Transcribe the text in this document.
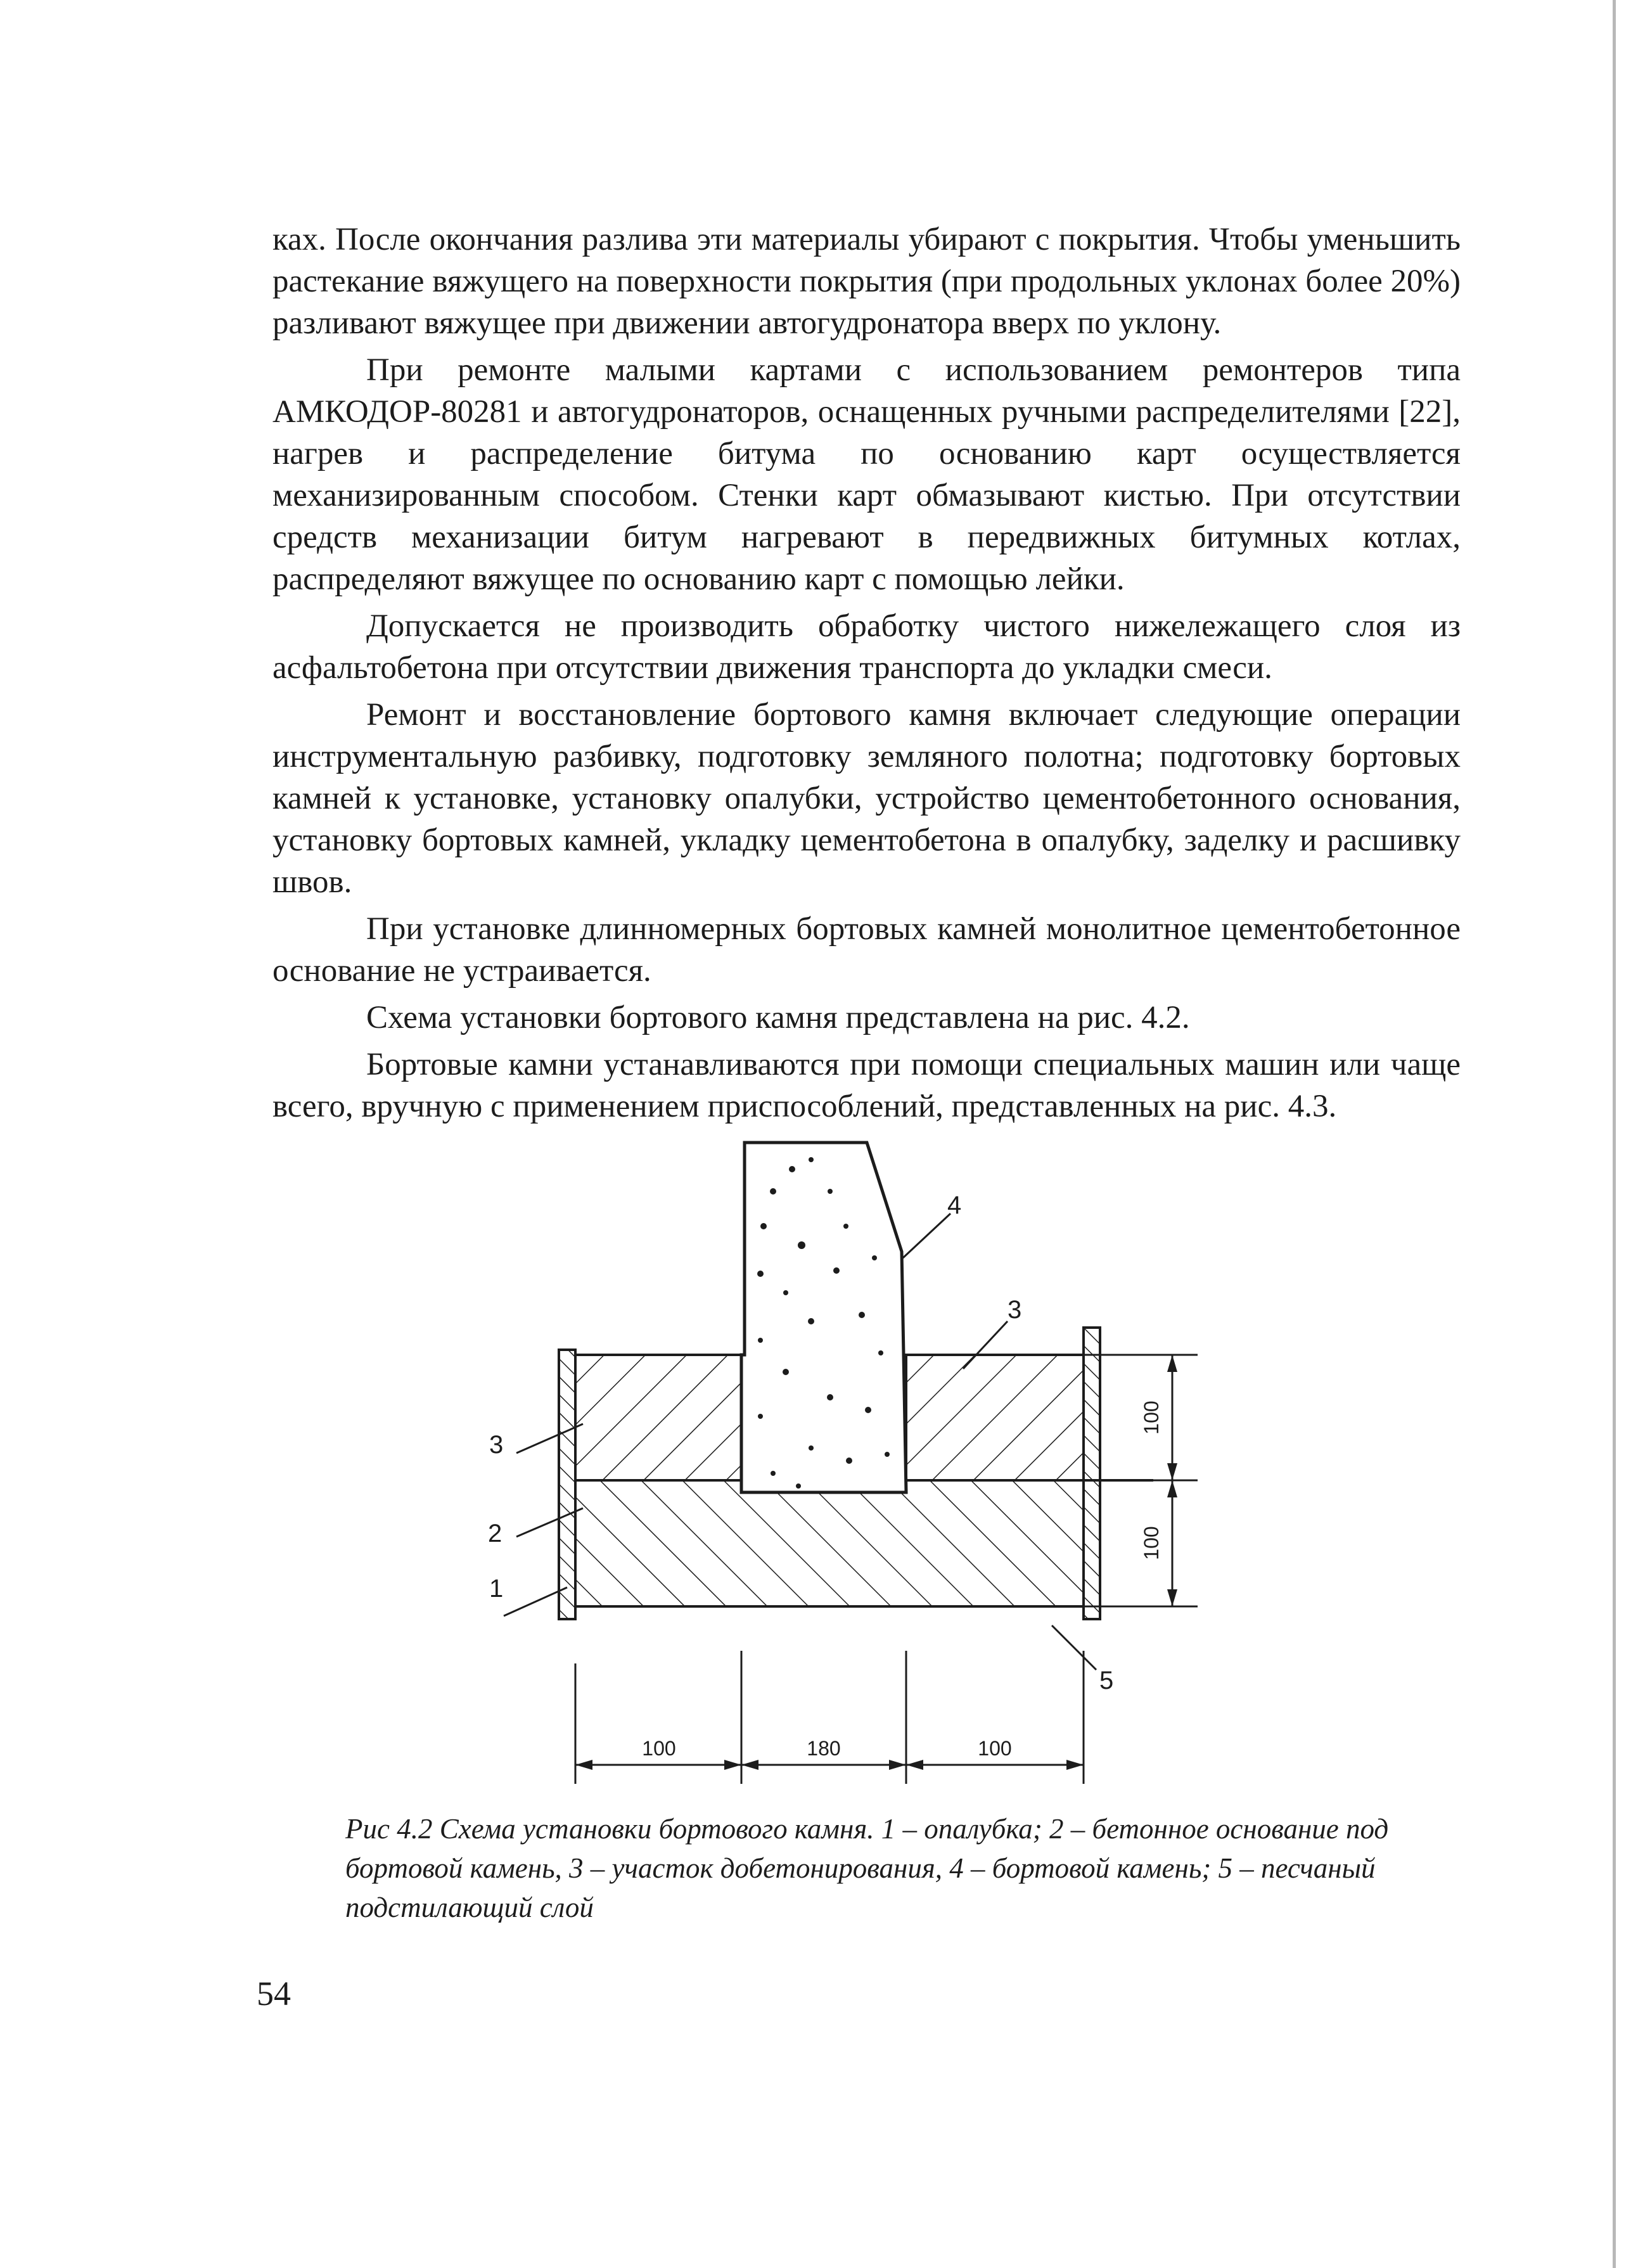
ках. После окончания разлива эти материалы убирают с покрытия. Чтобы уменьшить растекание вяжущего на поверхности покрытия (при продольных уклонах более 20%) разливают вяжущее при движении автогудронатора вверх по уклону.

При ремонте малыми картами с использованием ремонтеров типа АМКОДОР-80281 и автогудронаторов, оснащенных ручными распределителями [22], нагрев и распределение битума по основанию карт осуществляется механизированным способом. Стенки карт обмазывают кистью. При отсутствии средств механизации битум нагревают в передвижных битумных котлах, распределяют вяжущее по основанию карт с помощью лейки.

Допускается не производить обработку чистого нижележащего слоя из асфальтобетона при отсутствии движения транспорта до укладки смеси.

Ремонт и восстановление бортового камня включает следующие операции инструментальную разбивку, подготовку земляного полотна; подготовку бортовых камней к установке, установку опалубки, устройство цементобетонного основания, установку бортовых камней, укладку цементобетона в опалубку, заделку и расшивку швов.

При установке длинномерных бортовых камней монолитное цементобетонное основание не устраивается.

Схема установки бортового камня представлена на рис. 4.2.

Бортовые камни устанавливаются при помощи специальных машин или чаще всего, вручную с применением приспособлений, представленных на рис. 4.3.

100
100
100	180	100
3
2
1
4
3
5
Рис 4.2 Схема установки бортового камня. 1 – опалубка; 2 – бетонное основание под бортовой камень, 3 – участок добетонирования, 4 – бортовой камень; 5 – песчаный подстилающий слой
54
